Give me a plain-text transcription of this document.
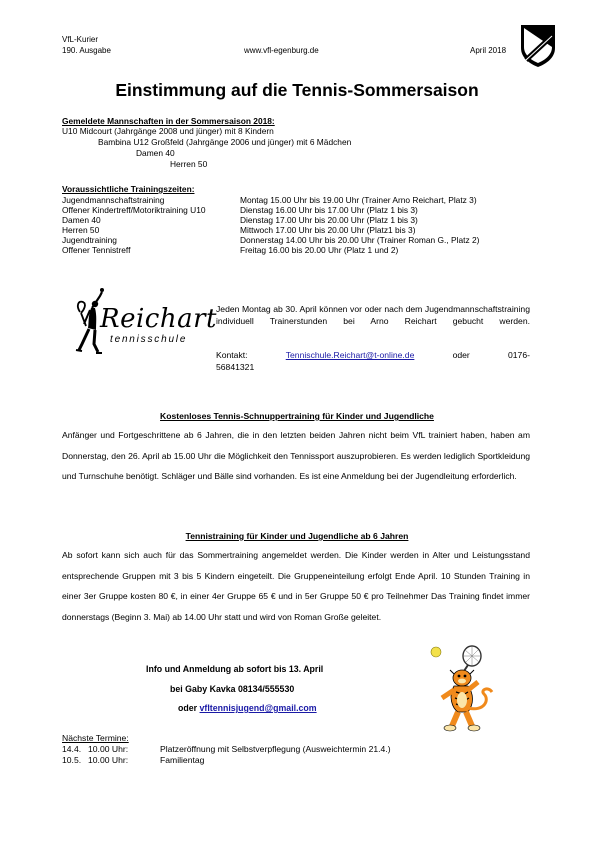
VfL-Kurier
190. Ausgabe	www.vfl-egenburg.de	April 2018
Einstimmung auf die Tennis-Sommersaison
Gemeldete Mannschaften in der Sommersaison 2018:
U10 Midcourt (Jahrgänge 2008 und jünger) mit 8 Kindern
Bambina U12 Großfeld (Jahrgänge 2006 und jünger) mit 6 Mädchen
Damen 40
Herren 50
Voraussichtliche Trainingszeiten:
Jugendmannschaftstraining	Montag 15.00 Uhr bis 19.00 Uhr (Trainer Arno Reichart, Platz 3)
Offener Kindertreff/Motoriktraining U10	Dienstag 16.00 Uhr bis 17.00 Uhr (Platz 1 bis 3)
Damen 40	Dienstag 17.00 Uhr bis 20.00 Uhr (Platz 1 bis 3)
Herren 50	Mittwoch 17.00 Uhr bis 20.00 Uhr (Platz1 bis 3)
Jugendtraining	Donnerstag 14.00 Uhr bis 20.00 Uhr (Trainer Roman G., Platz 2)
Offener Tennistreff	Freitag 16.00 bis 20.00 Uhr (Platz 1 und 2)
Reichart
tennisschule
Jeden Montag ab 30. April können vor oder nach dem Jugendmannschaftstraining individuell Trainerstunden bei Arno Reichart gebucht werden.
Kontakt:	Tennischule.Reichart@t-online.de	oder	0176-
56841321
Kostenloses Tennis-Schnuppertraining für Kinder und Jugendliche
Anfänger und Fortgeschrittene ab 6 Jahren, die in den letzten beiden Jahren nicht beim VfL trainiert haben, haben am Donnerstag, den 26. April ab 15.00 Uhr die Möglichkeit den Tennissport auszuprobieren. Es werden lediglich Sportkleidung und Turnschuhe benötigt. Schläger und Bälle sind vorhanden. Es ist eine Anmeldung bei der Jugendleitung erforderlich.
Tennistraining für Kinder und Jugendliche ab 6 Jahren
Ab sofort kann sich auch für das Sommertraining angemeldet werden. Die Kinder werden in Alter und Leistungsstand entsprechende Gruppen mit 3 bis 5 Kindern eingeteilt. Die Gruppeneinteilung erfolgt Ende April. 10 Stunden Training in einer 3er Gruppe kosten 80 €, in einer 4er Gruppe 65 € und in 5er Gruppe 50 € pro Teilnehmer Das Training findet immer donnerstags (Beginn 3. Mai) ab 14.00 Uhr statt und wird von Roman Große geleitet.
Info und Anmeldung ab sofort bis 13. April
bei Gaby Kavka 08134/555530
oder vfltennisjugend@gmail.com
Nächste Termine:
14.4. 10.00 Uhr:	Platzeröffnung mit Selbstverpflegung (Ausweichtermin 21.4.)
10.5. 10.00 Uhr:	Familientag
